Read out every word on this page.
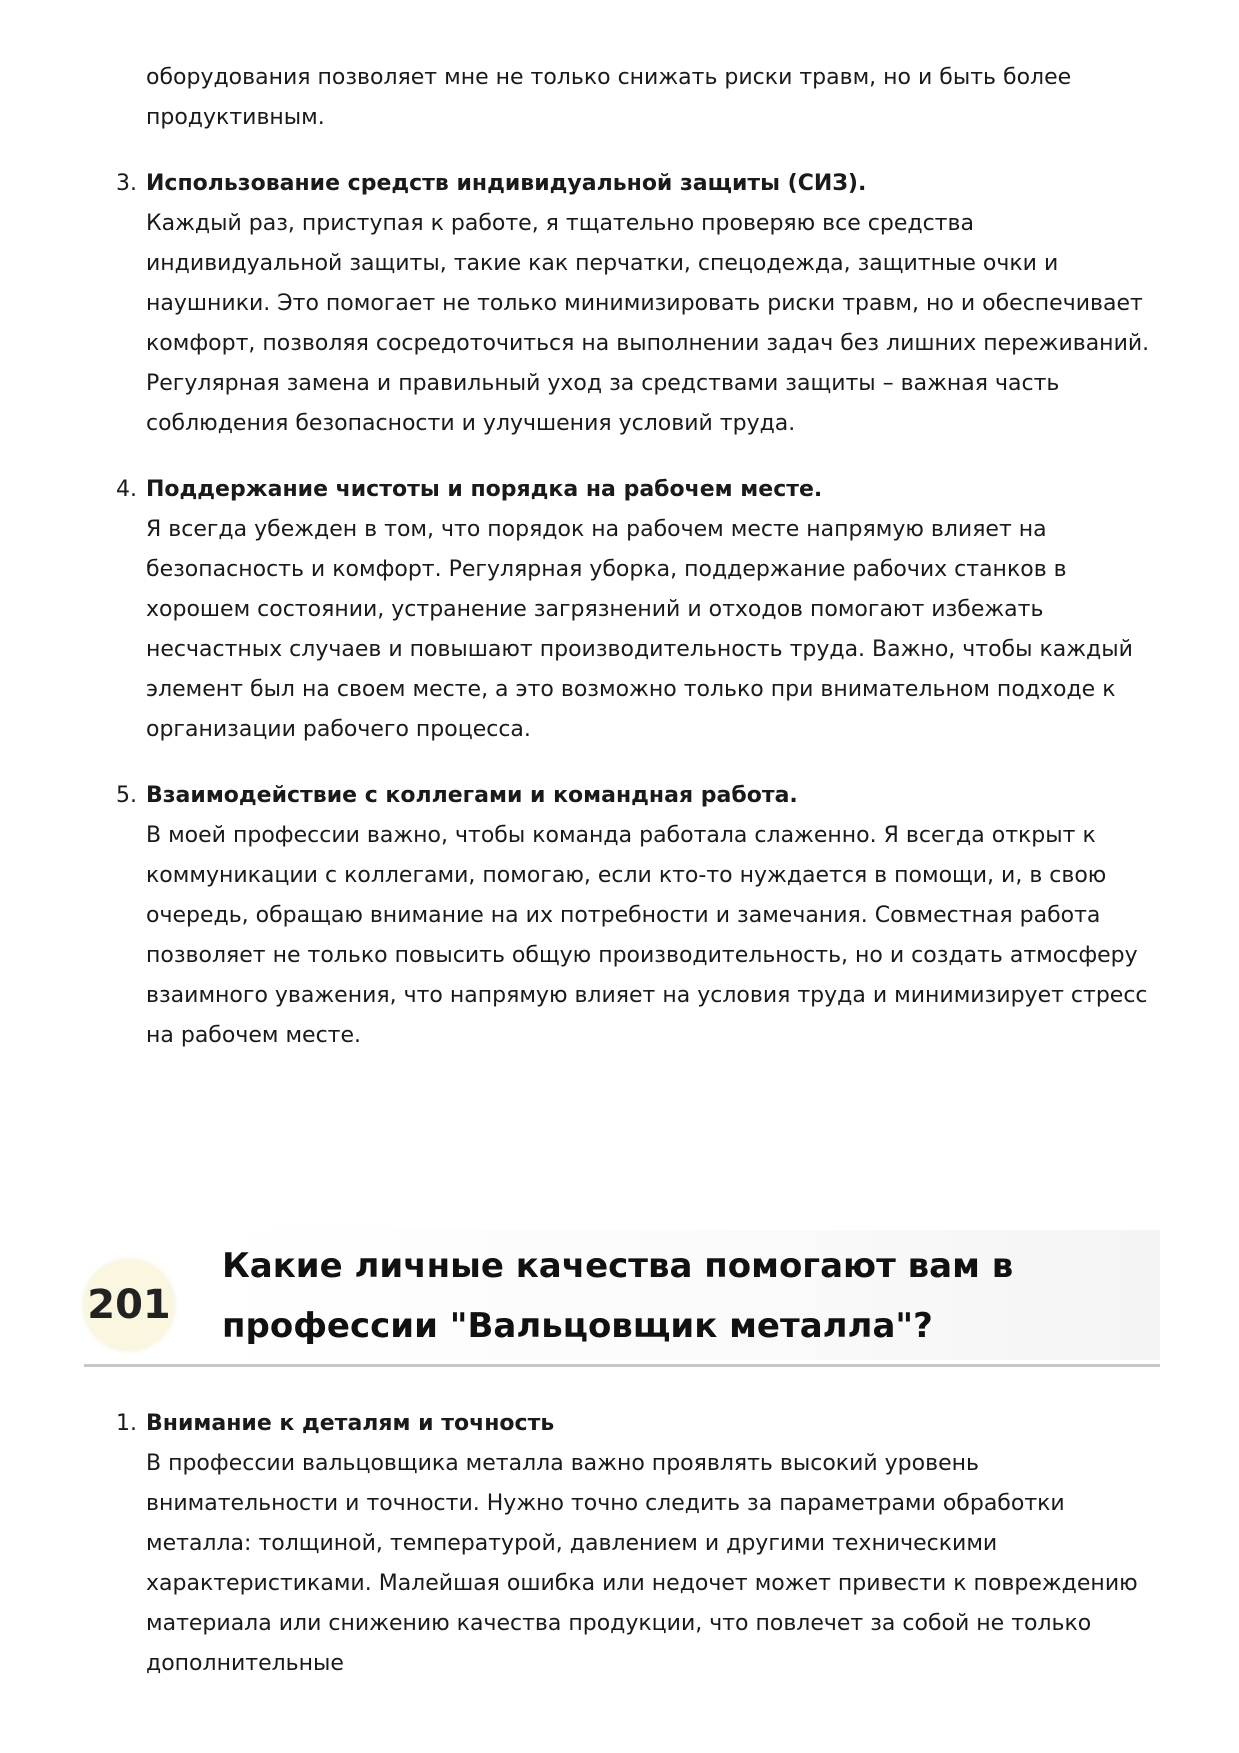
оборудования позволяет мне не только снижать риски травм, но и быть более продуктивным.
3. Использование средств индивидуальной защиты (СИЗ).
Каждый раз, приступая к работе, я тщательно проверяю все средства индивидуальной защиты, такие как перчатки, спецодежда, защитные очки и наушники. Это помогает не только минимизировать риски травм, но и обеспечивает комфорт, позволяя сосредоточиться на выполнении задач без лишних переживаний. Регулярная замена и правильный уход за средствами защиты – важная часть соблюдения безопасности и улучшения условий труда.
4. Поддержание чистоты и порядка на рабочем месте.
Я всегда убежден в том, что порядок на рабочем месте напрямую влияет на безопасность и комфорт. Регулярная уборка, поддержание рабочих станков в хорошем состоянии, устранение загрязнений и отходов помогают избежать несчастных случаев и повышают производительность труда. Важно, чтобы каждый элемент был на своем месте, а это возможно только при внимательном подходе к организации рабочего процесса.
5. Взаимодействие с коллегами и командная работа.
В моей профессии важно, чтобы команда работала слаженно. Я всегда открыт к коммуникации с коллегами, помогаю, если кто-то нуждается в помощи, и, в свою очередь, обращаю внимание на их потребности и замечания. Совместная работа позволяет не только повысить общую производительность, но и создать атмосферу взаимного уважения, что напрямую влияет на условия труда и минимизирует стресс на рабочем месте.
201
Какие личные качества помогают вам в
профессии "Вальцовщик металла"?
1. Внимание к деталям и точность
В профессии вальцовщика металла важно проявлять высокий уровень внимательности и точности. Нужно точно следить за параметрами обработки металла: толщиной, температурой, давлением и другими техническими характеристиками. Малейшая ошибка или недочет может привести к повреждению материала или снижению качества продукции, что повлечет за собой не только дополнительные
